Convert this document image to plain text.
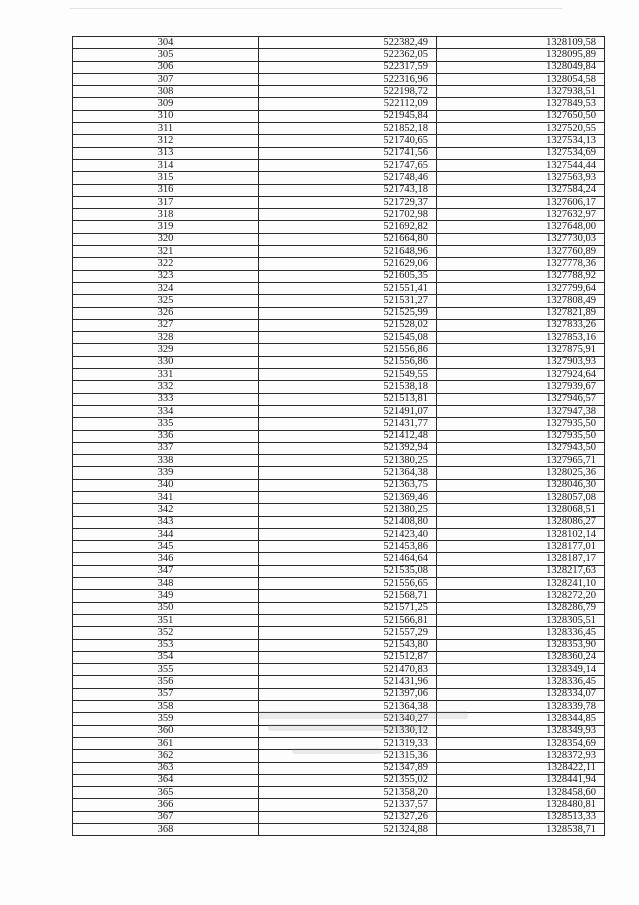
304	522382,49	1328109,58
305	522362,05	1328095,89
306	522317,59	1328049,84
307	522316,96	1328054,58
308	522198,72	1327938,51
309	522112,09	1327849,53
310	521945,84	1327650,50
311	521852,18	1327520,55
312	521740,65	1327534,13
313	521741,56	1327534,69
314	521747,65	1327544,44
315	521748,46	1327563,93
316	521743,18	1327584,24
317	521729,37	1327606,17
318	521702,98	1327632,97
319	521692,82	1327648,00
320	521664,80	1327730,03
321	521648,96	1327760,89
322	521629,06	1327778,36
323	521605,35	1327788,92
324	521551,41	1327799,64
325	521531,27	1327808,49
326	521525,99	1327821,89
327	521528,02	1327833,26
328	521545,08	1327853,16
329	521556,86	1327875,91
330	521556,86	1327903,93
331	521549,55	1327924,64
332	521538,18	1327939,67
333	521513,81	1327946,57
334	521491,07	1327947,38
335	521431,77	1327935,50
336	521412,48	1327935,50
337	521392,94	1327943,50
338	521380,25	1327965,71
339	521364,38	1328025,36
340	521363,75	1328046,30
341	521369,46	1328057,08
342	521380,25	1328068,51
343	521408,80	1328086,27
344	521423,40	1328102,14
345	521453,86	1328177,01
346	521464,64	1328187,17
347	521535,08	1328217,63
348	521556,65	1328241,10
349	521568,71	1328272,20
350	521571,25	1328286,79
351	521566,81	1328305,51
352	521557,29	1328336,45
353	521543,80	1328353,90
354	521512,87	1328360,24
355	521470,83	1328349,14
356	521431,96	1328336,45
357	521397,06	1328334,07
358	521364,38	1328339,78
359	521340,27	1328344,85
360	521330,12	1328349,93
361	521319,33	1328354,69
362	521315,36	1328372,93
363	521347,89	1328422,11
364	521355,02	1328441,94
365	521358,20	1328458,60
366	521337,57	1328480,81
367	521327,26	1328513,33
368	521324,88	1328538,71
